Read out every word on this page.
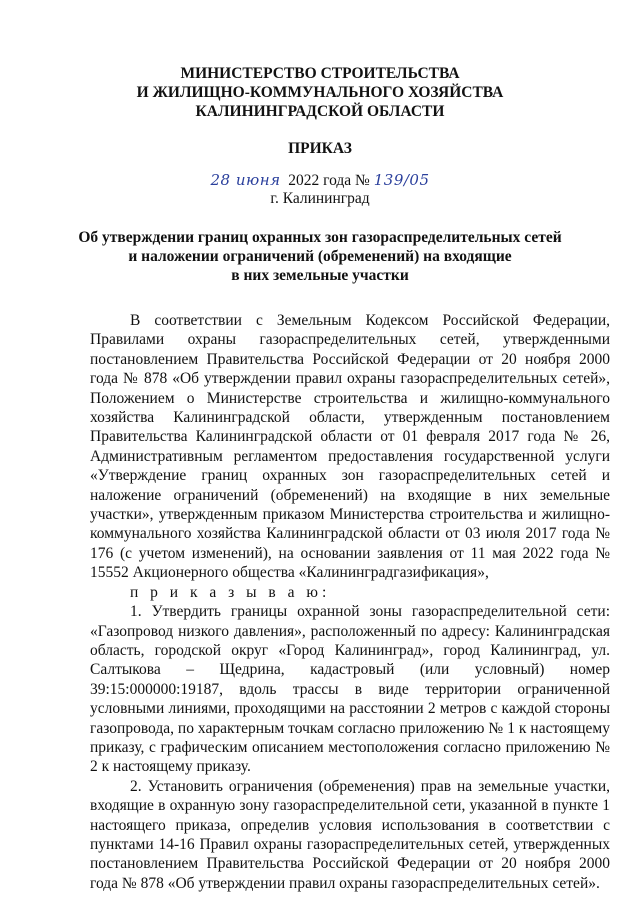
МИНИСТЕРСТВО СТРОИТЕЛЬСТВА
И ЖИЛИЩНО-КОММУНАЛЬНОГО ХОЗЯЙСТВА
КАЛИНИНГРАДСКОЙ ОБЛАСТИ
ПРИКАЗ
28 июня 2022 года № 139/05
г. Калининград
Об утверждении границ охранных зон газораспределительных сетей
и наложении ограничений (обременений) на входящие
в них земельные участки

В соответствии с Земельным Кодексом Российской Федерации, Правилами охраны газораспределительных сетей, утвержденными постановлением Правительства Российской Федерации от 20 ноября 2000 года № 878 «Об утверждении правил охраны газораспределительных сетей», Положением о Министерстве строительства и жилищно-коммунального хозяйства Калининградской области, утвержденным постановлением Правительства Калининградской области от 01 февраля 2017 года № 26, Административным регламентом предоставления государственной услуги «Утверждение границ охранных зон газораспределительных сетей и наложение ограничений (обременений) на входящие в них земельные участки», утвержденным приказом Министерства строительства и жилищно-коммунального хозяйства Калининградской области от 03 июля 2017 года № 176 (с учетом изменений), на основании заявления от 11 мая 2022 года № 15552 Акционерного общества «Калининградгазификация»,

п р и к а з ы в а ю:

1. Утвердить границы охранной зоны газораспределительной сети: «Газопровод низкого давления», расположенный по адресу: Калининградская область, городской округ «Город Калининград», город Калининград, ул. Салтыкова – Щедрина, кадастровый (или условный) номер 39:15:000000:19187, вдоль трассы в виде территории ограниченной условными линиями, проходящими на расстоянии 2 метров с каждой стороны газопровода, по характерным точкам согласно приложению № 1 к настоящему приказу, с графическим описанием местоположения согласно приложению № 2 к настоящему приказу.

2. Установить ограничения (обременения) прав на земельные участки, входящие в охранную зону газораспределительной сети, указанной в пункте 1 настоящего приказа, определив условия использования в соответствии с пунктами 14-16 Правил охраны газораспределительных сетей, утвержденных постановлением Правительства Российской Федерации от 20 ноября 2000 года № 878 «Об утверждении правил охраны газораспределительных сетей».
